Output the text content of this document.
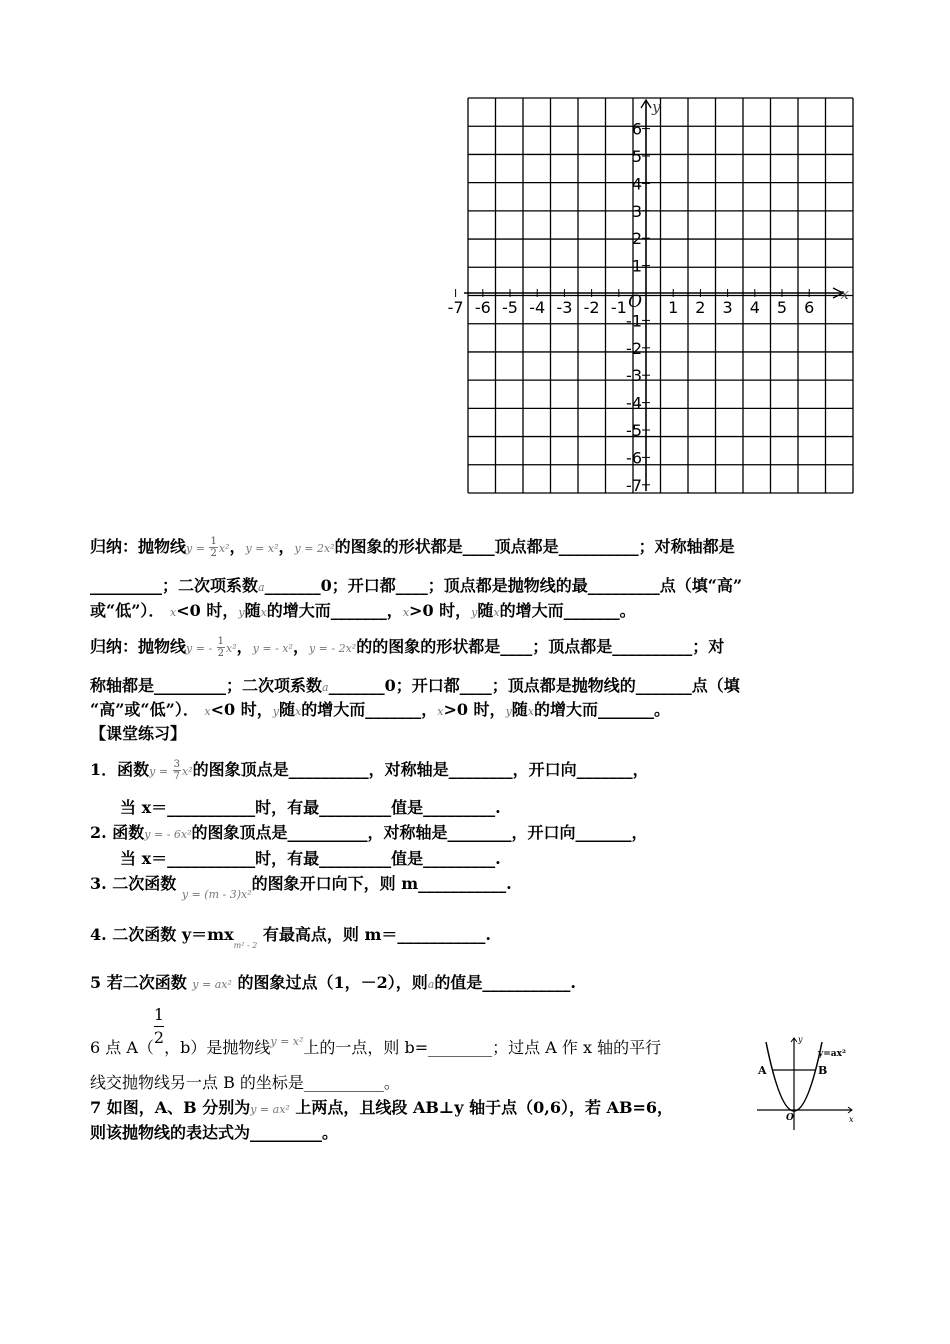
-7 -6 -5 -4 -3 -2 -1	1 2 3 4 5 6
6
5
4
3
2
1
-1
-2
-3
-4
-5
-6
-7
O	x
y
归纳：抛物线$y = \frac{1}{2} x^2$，y = x²，y = 2x²的图象的形状都是____顶点都是__________；对称轴都是
_________；二次项系数a_______0；开口都____；顶点都是抛物线的最_________点（填“高”
或“低”）． x<0 时，y随x的增大而_______，x>0 时，y随x的增大而_______。
归纳：抛物线y = - $\frac{1}{2} x^2$，y = - x²，y = - 2x²的的图象的形状都是____；顶点都是__________；对
称轴都是_________；二次项系数a_______0；开口都____；顶点都是抛物线的_______点（填
“高”或“低”）． x<0 时，y随x的增大而_______，x>0 时，y随x的增大而_______。
【课堂练习】
1．函数$y = \frac{3}{7} x^2$的图象顶点是__________，对称轴是________，开口向_______，
当 x＝___________时，有最_________值是_________.
2. 函数y = - 6x²的图象顶点是__________，对称轴是________，开口向_______，
当 x＝___________时，有最_________值是_________.
3. 二次函数 $_{y = (m - 3)x^2}$的图象开口向下，则 m___________.
4. 二次函数 $y=mx_{m^2 - 2}$ 有最高点，则 m＝___________.
5 若二次函数 y = ax² 的图象过点（1，－2），则a的值是___________.
6 点 $A( \frac{1}{2}$，b）是抛物线$_{y = x^2}$上的一点，则 b=________；过点 A 作 x 轴的平行
线交抛物线另一点 B 的坐标是__________。
7 如图，A、B 分别为y = ax² 上两点，且线段 AB⊥y 轴于点（0,6），若 AB=6，
则该抛物线的表达式为_________。
A	B
y=ax²
O	x
y
